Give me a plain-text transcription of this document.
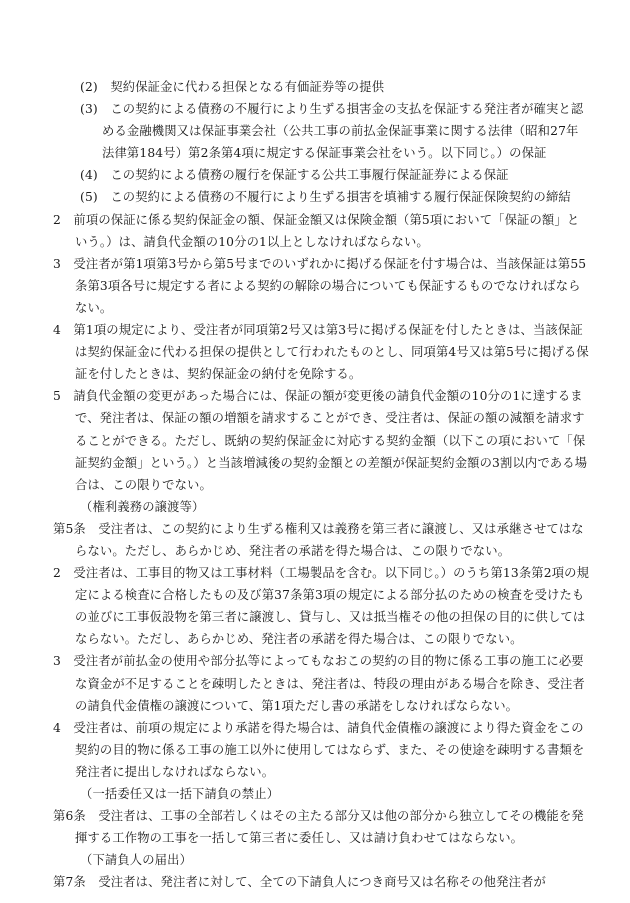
(2)　契約保証金に代わる担保となる有価証券等の提供

(3)　この契約による債務の不履行により生ずる損害金の支払を保証する発注者が確実と認める金融機関又は保証事業会社（公共工事の前払金保証事業に関する法律（昭和27年法律第184号）第2条第4項に規定する保証事業会社をいう。以下同じ。）の保証

(4)　この契約による債務の履行を保証する公共工事履行保証証券による保証

(5)　この契約による債務の不履行により生ずる損害を填補する履行保証保険契約の締結

2　前項の保証に係る契約保証金の額、保証金額又は保険金額（第5項において「保証の額」という。）は、請負代金額の10分の1以上としなければならない。

3　受注者が第1項第3号から第5号までのいずれかに掲げる保証を付す場合は、当該保証は第55条第3項各号に規定する者による契約の解除の場合についても保証するものでなければならない。

4　第1項の規定により、受注者が同項第2号又は第3号に掲げる保証を付したときは、当該保証は契約保証金に代わる担保の提供として行われたものとし、同項第4号又は第5号に掲げる保証を付したときは、契約保証金の納付を免除する。

5　請負代金額の変更があった場合には、保証の額が変更後の請負代金額の10分の1に達するまで、発注者は、保証の額の増額を請求することができ、受注者は、保証の額の減額を請求することができる。ただし、既納の契約保証金に対応する契約金額（以下この項において「保証契約金額」という。）と当該増減後の契約金額との差額が保証契約金額の3割以内である場合は、この限りでない。

（権利義務の譲渡等）

第5条　受注者は、この契約により生ずる権利又は義務を第三者に譲渡し、又は承継させてはならない。ただし、あらかじめ、発注者の承諾を得た場合は、この限りでない。

2　受注者は、工事目的物又は工事材料（工場製品を含む。以下同じ。）のうち第13条第2項の規定による検査に合格したもの及び第37条第3項の規定による部分払のための検査を受けたもの並びに工事仮設物を第三者に譲渡し、貸与し、又は抵当権その他の担保の目的に供してはならない。ただし、あらかじめ、発注者の承諾を得た場合は、この限りでない。

3　受注者が前払金の使用や部分払等によってもなおこの契約の目的物に係る工事の施工に必要な資金が不足することを疎明したときは、発注者は、特段の理由がある場合を除き、受注者の請負代金債権の譲渡について、第1項ただし書の承諾をしなければならない。

4　受注者は、前項の規定により承諾を得た場合は、請負代金債権の譲渡により得た資金をこの契約の目的物に係る工事の施工以外に使用してはならず、また、その使途を疎明する書類を発注者に提出しなければならない。

（一括委任又は一括下請負の禁止）

第6条　受注者は、工事の全部若しくはその主たる部分又は他の部分から独立してその機能を発揮する工作物の工事を一括して第三者に委任し、又は請け負わせてはならない。

（下請負人の届出）

第7条　受注者は、発注者に対して、全ての下請負人につき商号又は名称その他発注者が
